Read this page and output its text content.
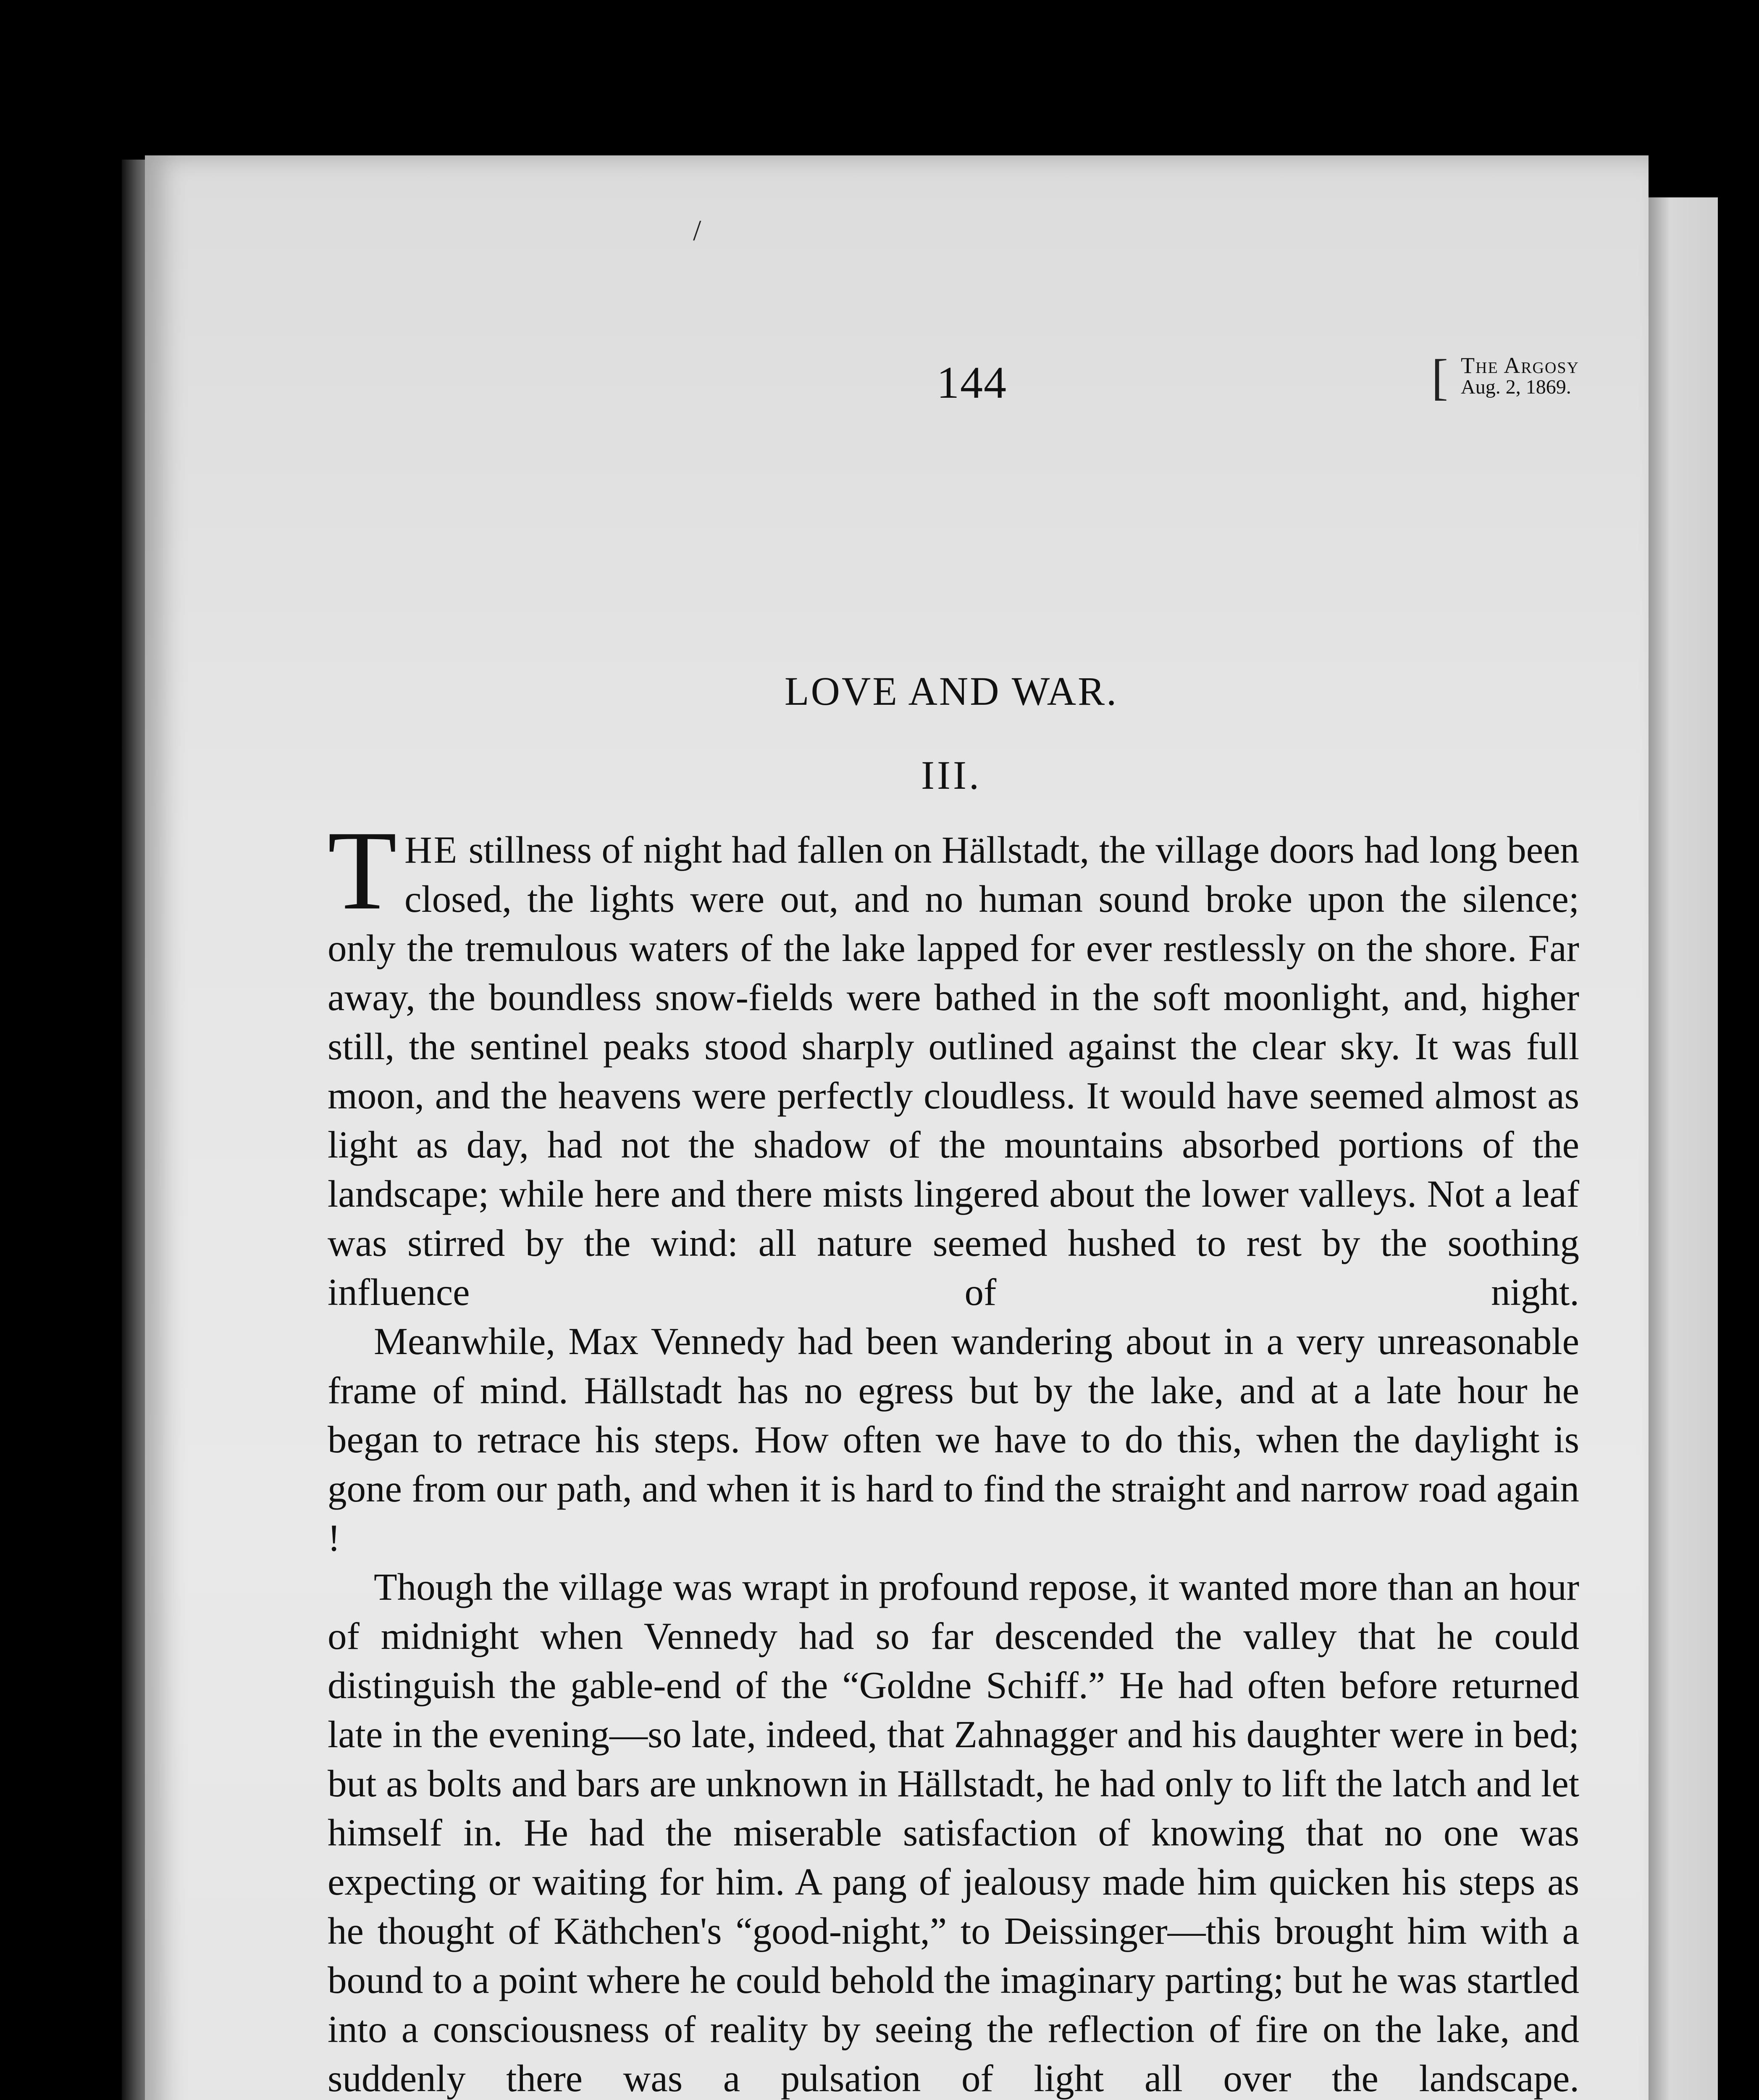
/
144	[ The Argosy
Aug. 2, 1869.
LOVE AND WAR.
III.

THE stillness of night had fallen on Hällstadt, the village doors had long been closed, the lights were out, and no human sound broke upon the silence; only the tremulous waters of the lake lapped for ever restlessly on the shore. Far away, the boundless snow-fields were bathed in the soft moonlight, and, higher still, the sentinel peaks stood sharply outlined against the clear sky. It was full moon, and the heavens were perfectly cloudless. It would have seemed almost as light as day, had not the shadow of the mountains absorbed portions of the landscape; while here and there mists lingered about the lower valleys. Not a leaf was stirred by the wind: all nature seemed hushed to rest by the soothing influence of night.

Meanwhile, Max Vennedy had been wandering about in a very unreasonable frame of mind. Hällstadt has no egress but by the lake, and at a late hour he began to retrace his steps. How often we have to do this, when the daylight is gone from our path, and when it is hard to find the straight and narrow road again !

Though the village was wrapt in profound repose, it wanted more than an hour of midnight when Vennedy had so far descended the valley that he could distinguish the gable-end of the “Goldne Schiff.” He had often before returned late in the evening—so late, indeed, that Zahnagger and his daughter were in bed; but as bolts and bars are unknown in Hällstadt, he had only to lift the latch and let himself in. He had the miserable satisfaction of knowing that no one was expecting or waiting for him. A pang of jealousy made him quicken his steps as he thought of Käthchen's “good-night,” to Deissinger—this brought him with a bound to a point where he could behold the imaginary parting; but he was startled into a consciousness of reality by seeing the reflection of fire on the lake, and suddenly there was a pulsation of light all over the landscape.
